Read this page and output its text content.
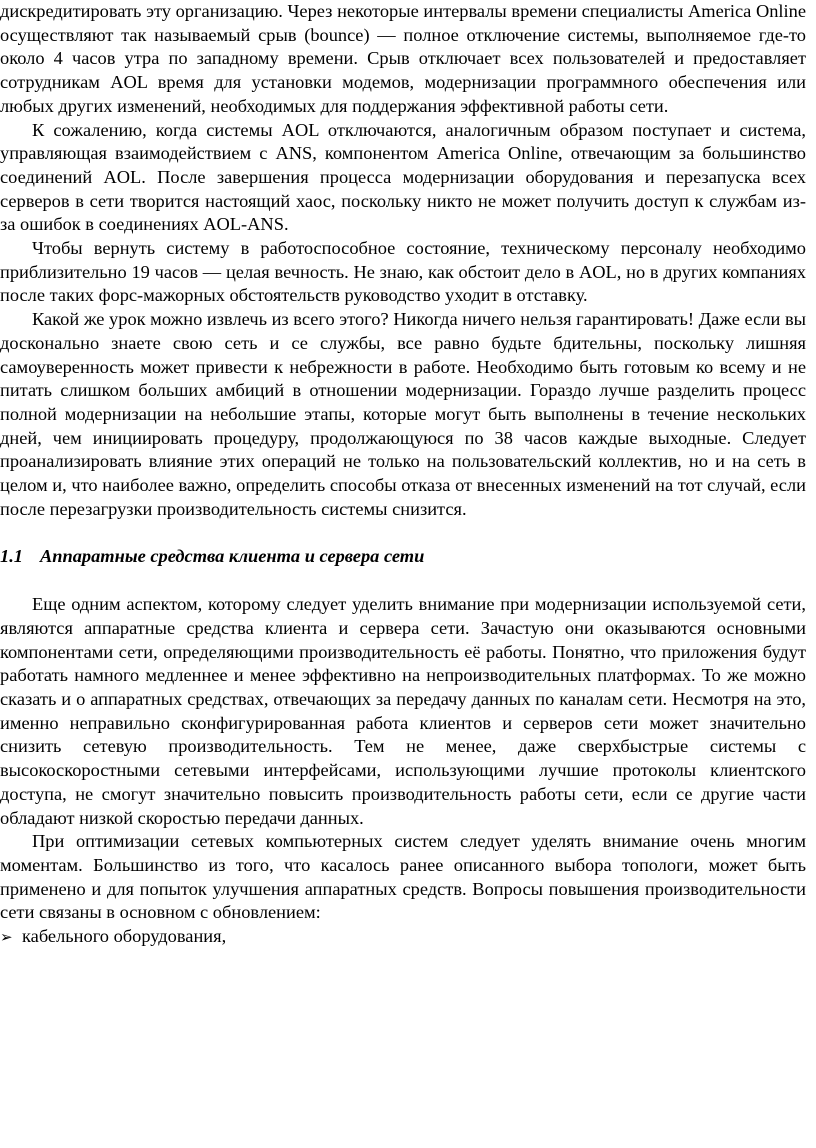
дискредитировать эту организацию. Через некоторые интервалы времени специалисты America Online осуществляют так называемый срыв (bounce) — полное отключение системы, выполняемое где-то около 4 часов утра по западному времени. Срыв отключает всех пользователей и предоставляет сотрудникам AOL время для установки модемов, модернизации программного обеспечения или любых других изменений, необходимых для поддержания эффективной работы сети.

К сожалению, когда системы AOL отключаются, аналогичным образом поступает и система, управляющая взаимодействием с ANS, компонентом America Online, отвечающим за большинство соединений AOL. После завершения процесса модернизации оборудования и перезапуска всех серверов в сети творится настоящий хаос, поскольку никто не может получить доступ к службам из-за ошибок в соединениях AOL-ANS.

Чтобы вернуть систему в работоспособное состояние, техническому персоналу необходимо приблизительно 19 часов — целая вечность. Не знаю, как обстоит дело в AOL, но в других компаниях после таких форс-мажорных обстоятельств руководство уходит в отставку.

Какой же урок можно извлечь из всего этого? Никогда ничего нельзя гарантировать! Даже если вы досконально знаете свою сеть и се службы, все равно будьте бдительны, поскольку лишняя самоуверенность может привести к небрежности в работе. Необходимо быть готовым ко всему и не питать слишком больших амбиций в отношении модернизации. Гораздо лучше разделить процесс полной модернизации на небольшие этапы, которые могут быть выполнены в течение нескольких дней, чем инициировать процедуру, продолжающуюся по 38 часов каждые выходные. Следует проанализировать влияние этих операций не только на пользовательский коллектив, но и на сеть в целом и, что наиболее важно, определить способы отказа от внесенных изменений на тот случай, если после перезагрузки производительность системы снизится.

1.1 Аппаратные средства клиента и сервера сети

Еще одним аспектом, которому следует уделить внимание при модернизации используемой сети, являются аппаратные средства клиента и сервера сети. Зачастую они оказываются основными компонентами сети, определяющими производительность её работы. Понятно, что приложения будут работать намного медленнее и менее эффективно на непроизводительных платформах. То же можно сказать и о аппаратных средствах, отвечающих за передачу данных по каналам сети. Несмотря на это, именно неправильно сконфигурированная работа клиентов и серверов сети может значительно снизить сетевую производительность. Тем не менее, даже сверхбыстрые системы с высокоскоростными сетевыми интерфейсами, использующими лучшие протоколы клиентского доступа, не смогут значительно повысить производительность работы сети, если се другие части обладают низкой скоростью передачи данных.

При оптимизации сетевых компьютерных систем следует уделять внимание очень многим моментам. Большинство из того, что касалось ранее описанного выбора топологи, может быть применено и для попыток улучшения аппаратных средств. Вопросы повышения производительности сети связаны в основном с обновлением:

➢ кабельного оборудования,
